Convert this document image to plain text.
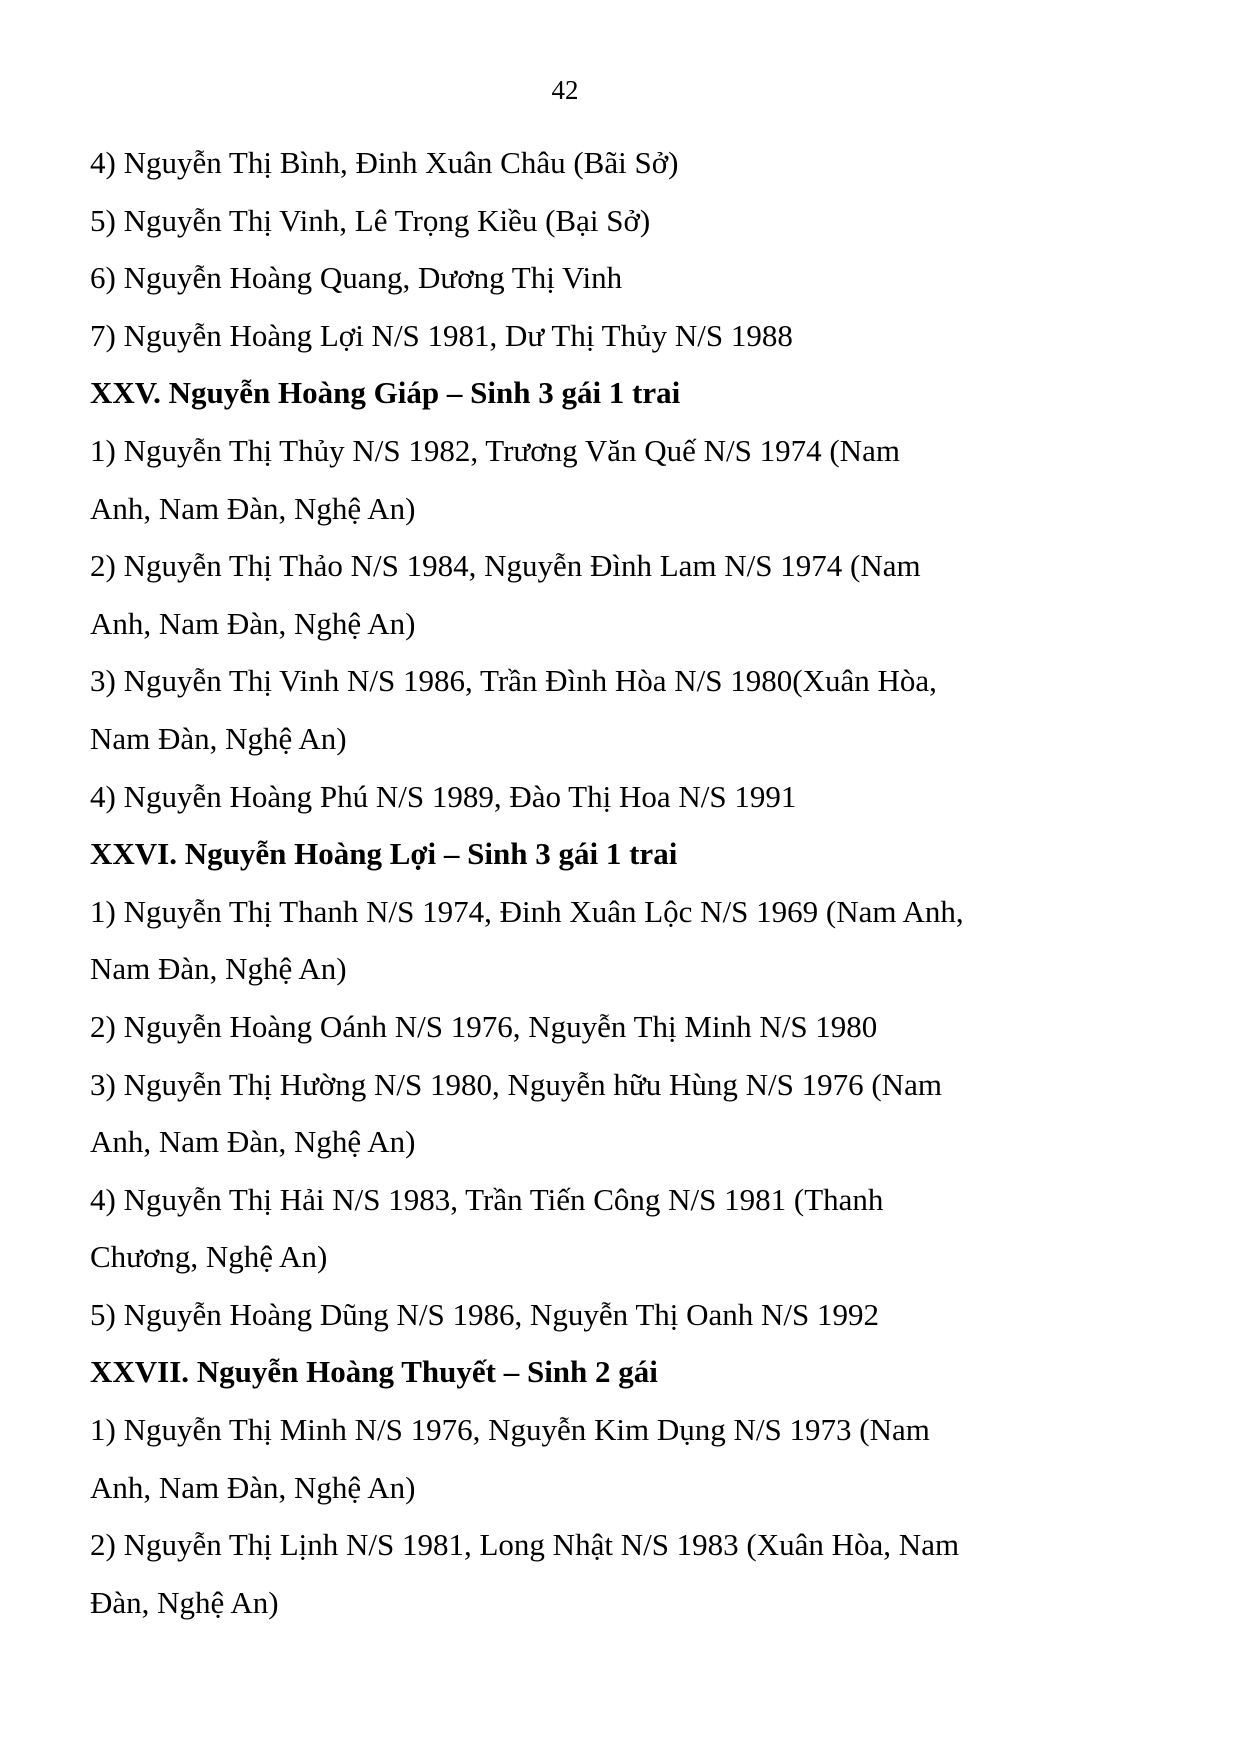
42
4) Nguyễn Thị Bình, Đinh Xuân Châu (Bãi Sở)
5) Nguyễn Thị Vinh, Lê Trọng Kiều (Bại Sở)
6) Nguyễn Hoàng Quang, Dương Thị Vinh
7) Nguyễn Hoàng Lợi N/S 1981, Dư Thị Thủy N/S 1988
XXV. Nguyễn Hoàng Giáp – Sinh 3 gái 1 trai
1) Nguyễn Thị Thủy N/S 1982, Trương Văn Quế N/S 1974 (Nam
Anh, Nam Đàn, Nghệ An)
2) Nguyễn Thị Thảo N/S 1984, Nguyễn Đình Lam N/S 1974 (Nam
Anh, Nam Đàn, Nghệ An)
3) Nguyễn Thị Vinh N/S 1986, Trần Đình Hòa N/S 1980(Xuân Hòa,
Nam Đàn, Nghệ An)
4) Nguyễn Hoàng Phú N/S 1989, Đào Thị Hoa N/S 1991
XXVI. Nguyễn Hoàng Lợi – Sinh 3 gái 1 trai
1) Nguyễn Thị Thanh N/S 1974, Đinh Xuân Lộc N/S 1969 (Nam Anh,
Nam Đàn, Nghệ An)
2) Nguyễn Hoàng Oánh N/S 1976, Nguyễn Thị Minh N/S 1980
3) Nguyễn Thị Hường N/S 1980, Nguyễn hữu Hùng N/S 1976 (Nam
Anh, Nam Đàn, Nghệ An)
4) Nguyễn Thị Hải N/S 1983, Trần Tiến Công N/S 1981 (Thanh
Chương, Nghệ An)
5) Nguyễn Hoàng Dũng N/S 1986, Nguyễn Thị Oanh N/S 1992
XXVII. Nguyễn Hoàng Thuyết – Sinh 2 gái
1) Nguyễn Thị Minh N/S 1976, Nguyễn Kim Dụng N/S 1973 (Nam
Anh, Nam Đàn, Nghệ An)
2) Nguyễn Thị Lịnh N/S 1981, Long Nhật N/S 1983 (Xuân Hòa, Nam
Đàn, Nghệ An)
